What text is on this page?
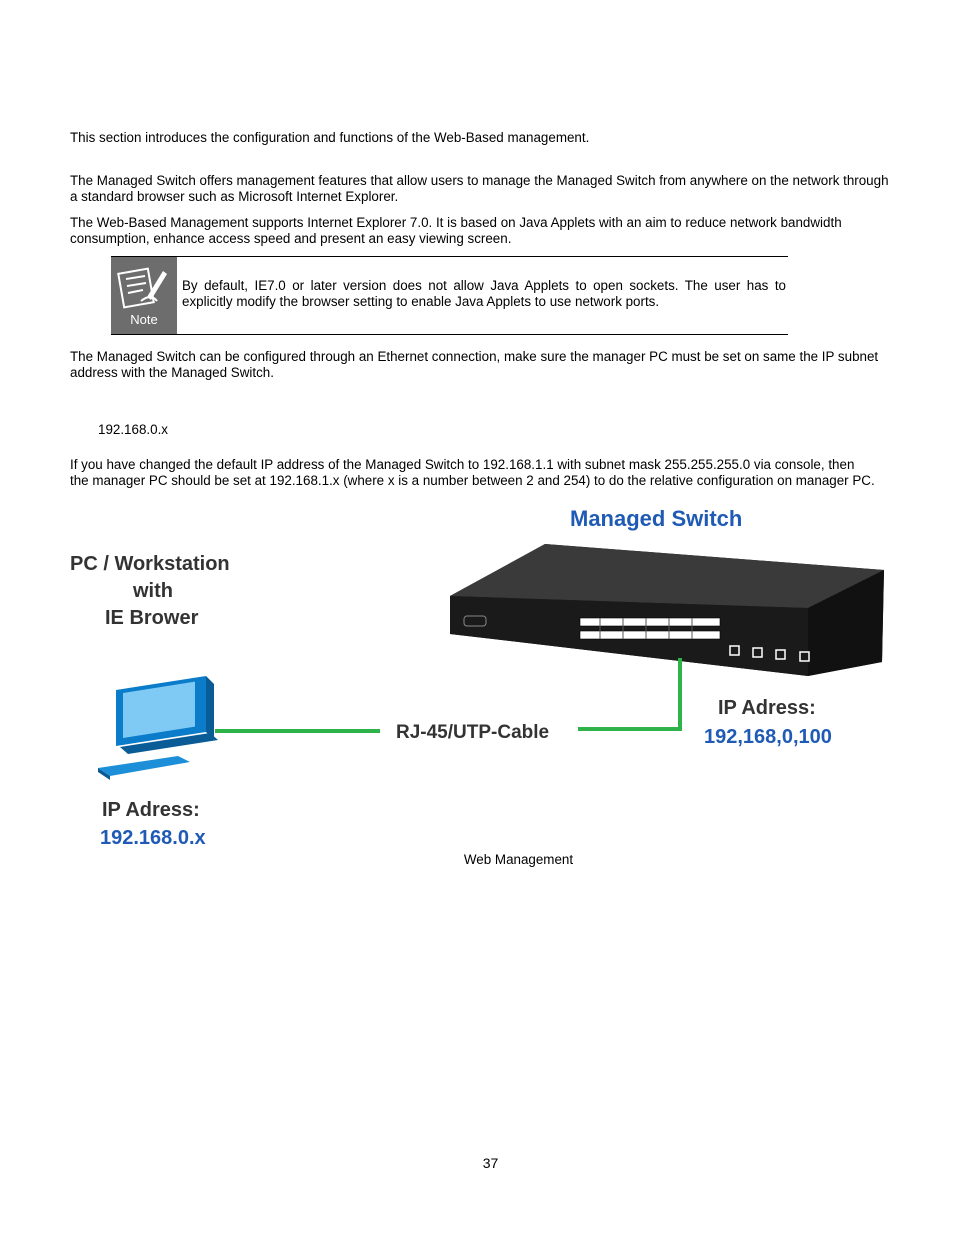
This section introduces the configuration and functions of the Web-Based management.
The Managed Switch offers management features that allow users to manage the Managed Switch from anywhere on the network through a standard browser such as Microsoft Internet Explorer.
The Web-Based Management supports Internet Explorer 7.0. It is based on Java Applets with an aim to reduce network bandwidth consumption, enhance access speed and present an easy viewing screen.
Note
By default, IE7.0 or later version does not allow Java Applets to open sockets. The user has to explicitly modify the browser setting to enable Java Applets to use network ports.
The Managed Switch can be configured through an Ethernet connection, make sure the manager PC must be set on same the IP subnet address with the Managed Switch.
192.168.0.x
If you have changed the default IP address of the Managed Switch to 192.168.1.1 with subnet mask 255.255.255.0 via console, then the manager PC should be set at 192.168.1.x (where x is a number between 2 and 254) to do the relative configuration on manager PC.
Managed Switch
PC / Workstation
with
IE Brower
RJ-45/UTP-Cable
IP Adress:
192,168,0,100
IP Adress:
192.168.0.x
Web Management
37
